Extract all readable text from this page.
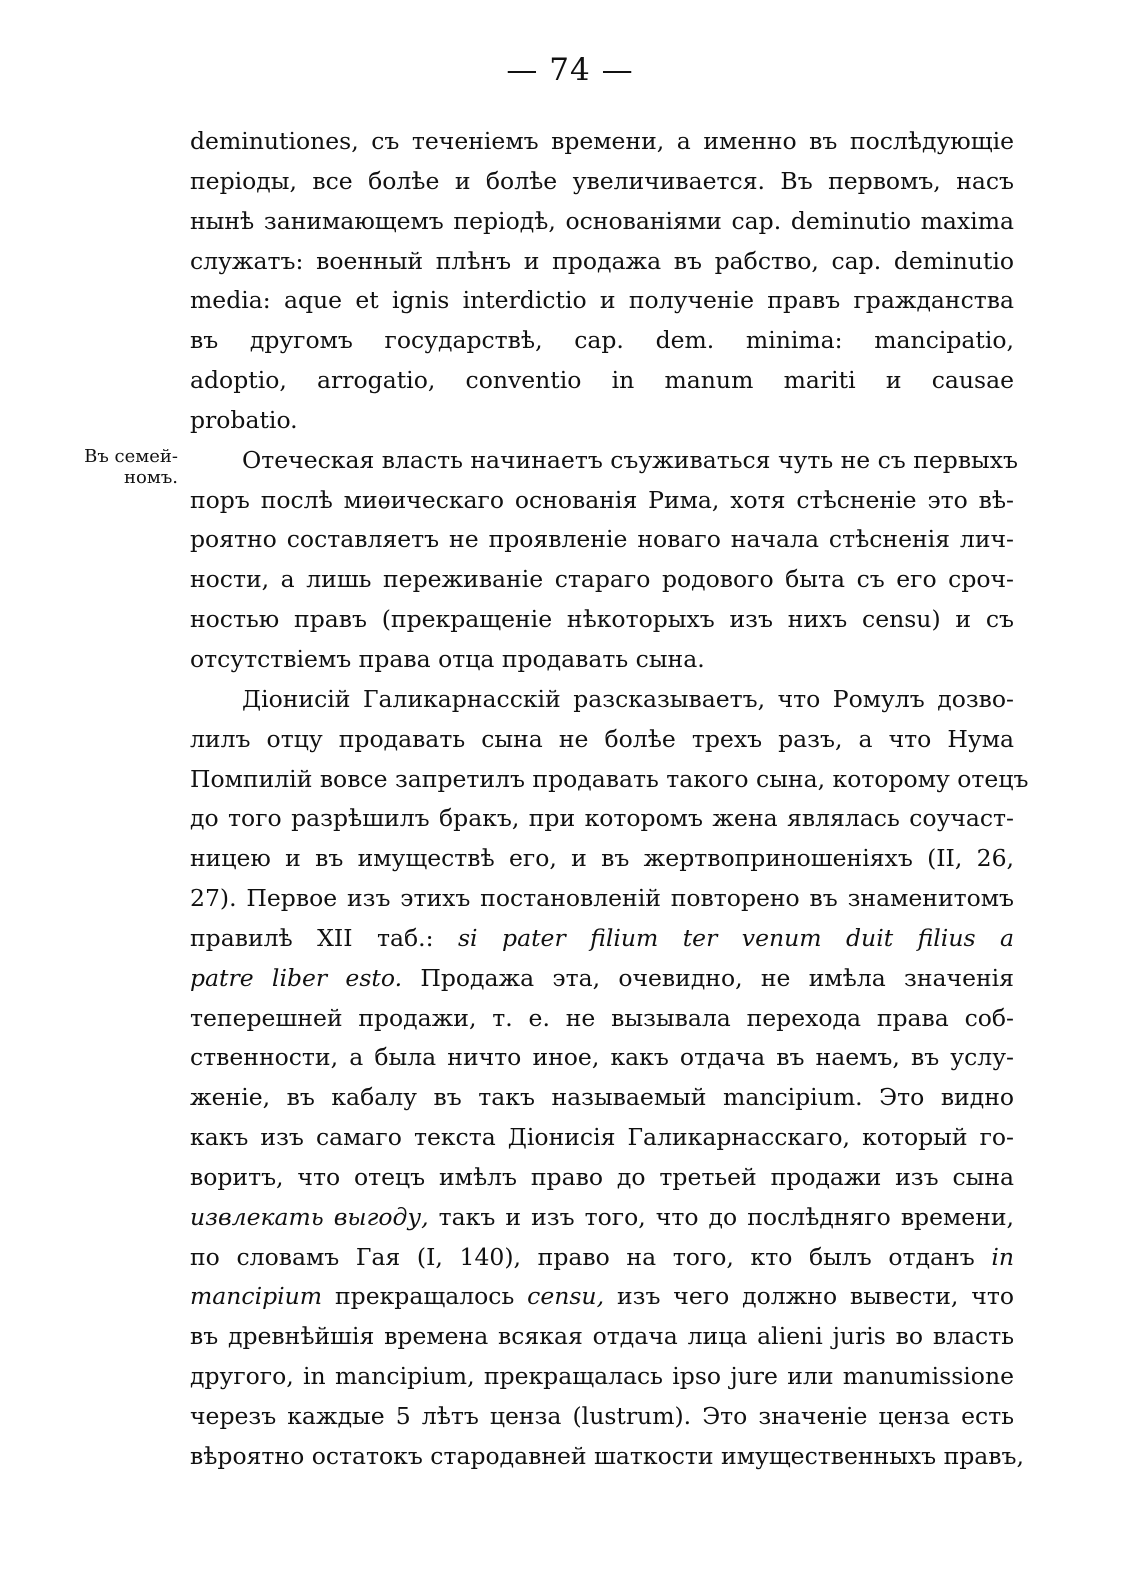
— 74 —
Въ семей-
номъ.
deminutiones, съ теченіемъ времени, а именно въ послѣдующіе
періоды, все болѣе и болѣе увеличивается. Въ первомъ, насъ
нынѣ занимающемъ періодѣ, основаніями cap. deminutio maxima
служатъ: военный плѣнъ и продажа въ рабство, cap. deminutio
media: aque et ignis interdictio и полученіе правъ гражданства
въ другомъ государствѣ, cap. dem. minima: mancipatio,
adoptio, arrogatio, conventio in manum mariti и causae
probatio.
Отеческая власть начинаетъ съуживаться чуть не съ первыхъ
поръ послѣ миѳическаго основанія Рима, хотя стѣсненіе это вѣ-
роятно составляетъ не проявленіе новаго начала стѣсненія лич-
ности, а лишь переживаніе стараго родового быта съ его сроч-
ностью правъ (прекращеніе нѣкоторыхъ изъ нихъ censu) и съ
отсутствіемъ права отца продавать сына.
Діонисій Галикарнасскій разсказываетъ, что Ромулъ дозво-
лилъ отцу продавать сына не болѣе трехъ разъ, а что Нума
Помпилій вовсе запретилъ продавать такого сына, которому отецъ
до того разрѣшилъ бракъ, при которомъ жена являлась соучаст-
ницею и въ имуществѣ его, и въ жертвоприношеніяхъ (II, 26,
27). Первое изъ этихъ постановленій повторено въ знаменитомъ
правилѣ XII таб.: si pater filium ter venum duit filius a
patre liber esto. Продажа эта, очевидно, не имѣла значенія
теперешней продажи, т. е. не вызывала перехода права соб-
ственности, а была ничто иное, какъ отдача въ наемъ, въ услу-
женіе, въ кабалу въ такъ называемый mancipium. Это видно
какъ изъ самаго текста Діонисія Галикарнасскаго, который го-
воритъ, что отецъ имѣлъ право до третьей продажи изъ сына
извлекать выгоду, такъ и изъ того, что до послѣдняго времени,
по словамъ Гая (I, 140), право на того, кто былъ отданъ in
mancipium прекращалось censu, изъ чего должно вывести, что
въ древнѣйшія времена всякая отдача лица alieni juris во власть
другого, in mancipium, прекращалась ipso jure или manumissione
черезъ каждые 5 лѣтъ ценза (lustrum). Это значеніе ценза есть
вѣроятно остатокъ стародавней шаткости имущественныхъ правъ,
